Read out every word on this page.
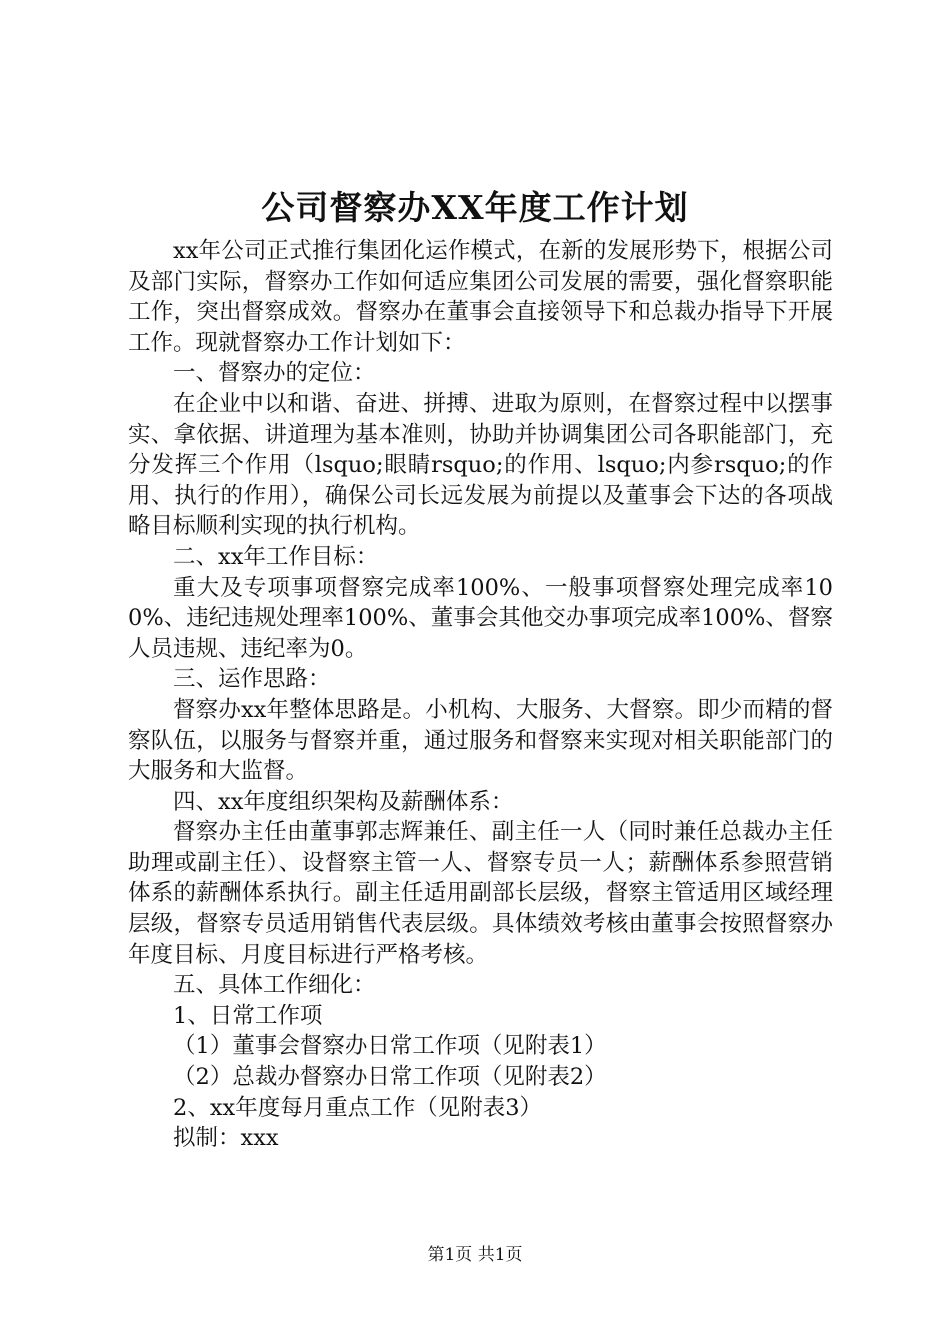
公司督察办XX年度工作计划

xx年公司正式推行集团化运作模式，在新的发展形势下，根据公司及部门实际，督察办工作如何适应集团公司发展的需要，强化督察职能工作，突出督察成效。督察办在董事会直接领导下和总裁办指导下开展工作。现就督察办工作计划如下：

一、督察办的定位：

在企业中以和谐、奋进、拼搏、进取为原则，在督察过程中以摆事实、拿依据、讲道理为基本准则，协助并协调集团公司各职能部门，充分发挥三个作用（lsquo;眼睛rsquo;的作用、lsquo;内参rsquo;的作用、执行的作用），确保公司长远发展为前提以及董事会下达的各项战略目标顺利实现的执行机构。

二、xx年工作目标：

重大及专项事项督察完成率100%、一般事项督察处理完成率100%、违纪违规处理率100%、董事会其他交办事项完成率100%、督察人员违规、违纪率为0。

三、运作思路：

督察办xx年整体思路是。小机构、大服务、大督察。即少而精的督察队伍，以服务与督察并重，通过服务和督察来实现对相关职能部门的大服务和大监督。

四、xx年度组织架构及薪酬体系：

督察办主任由董事郭志辉兼任、副主任一人（同时兼任总裁办主任助理或副主任）、设督察主管一人、督察专员一人；薪酬体系参照营销体系的薪酬体系执行。副主任适用副部长层级，督察主管适用区域经理层级，督察专员适用销售代表层级。具体绩效考核由董事会按照督察办年度目标、月度目标进行严格考核。

五、具体工作细化：

1、日常工作项

（1）董事会督察办日常工作项（见附表1）

（2）总裁办督察办日常工作项（见附表2）

2、xx年度每月重点工作（见附表3）

拟制：xxx

第1页 共1页
